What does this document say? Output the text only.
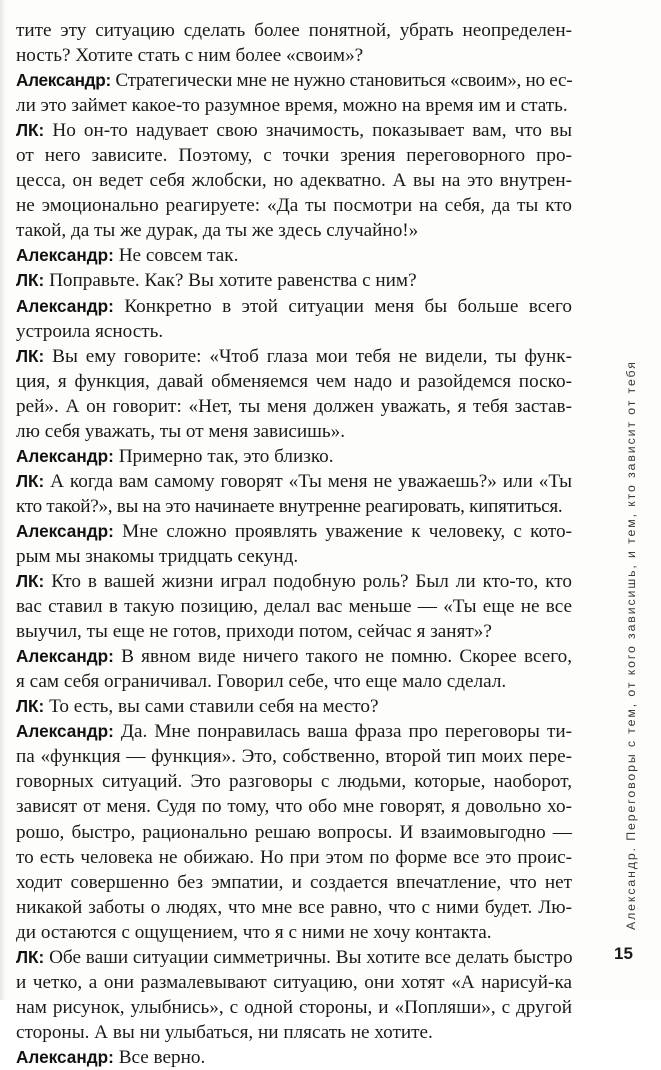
тите эту ситуацию сделать более понятной, убрать неопределен-
ность? Хотите стать с ним более «своим»?
Александр: Стратегически мне не нужно становиться «своим», но ес-
ли это займет какое-то разумное время, можно на время им и стать.
ЛК: Но он-то надувает свою значимость, показывает вам, что вы
от него зависите. Поэтому, с точки зрения переговорного про-
цесса, он ведет себя жлобски, но адекватно. А вы на это внутрен-
не эмоционально реагируете: «Да ты посмотри на себя, да ты кто
такой, да ты же дурак, да ты же здесь случайно!»
Александр: Не совсем так.
ЛК: Поправьте. Как? Вы хотите равенства с ним?
Александр: Конкретно в этой ситуации меня бы больше всего
устроила ясность.
ЛК: Вы ему говорите: «Чтоб глаза мои тебя не видели, ты функ-
ция, я функция, давай обменяемся чем надо и разойдемся поско-
рей». А он говорит: «Нет, ты меня должен уважать, я тебя застав-
лю себя уважать, ты от меня зависишь».
Александр: Примерно так, это близко.
ЛК: А когда вам самому говорят «Ты меня не уважаешь?» или «Ты
кто такой?», вы на это начинаете внутренне реагировать, кипятиться.
Александр: Мне сложно проявлять уважение к человеку, с кото-
рым мы знакомы тридцать секунд.
ЛК: Кто в вашей жизни играл подобную роль? Был ли кто-то, кто
вас ставил в такую позицию, делал вас меньше — «Ты еще не все
выучил, ты еще не готов, приходи потом, сейчас я занят»?
Александр: В явном виде ничего такого не помню. Скорее всего,
я сам себя ограничивал. Говорил себе, что еще мало сделал.
ЛК: То есть, вы сами ставили себя на место?
Александр: Да. Мне понравилась ваша фраза про переговоры ти-
па «функция — функция». Это, собственно, второй тип моих пере-
говорных ситуаций. Это разговоры с людьми, которые, наоборот,
зависят от меня. Судя по тому, что обо мне говорят, я довольно хо-
рошо, быстро, рационально решаю вопросы. И взаимовыгодно —
то есть человека не обижаю. Но при этом по форме все это проис-
ходит совершенно без эмпатии, и создается впечатление, что нет
никакой заботы о людях, что мне все равно, что с ними будет. Лю-
ди остаются с ощущением, что я с ними не хочу контакта.
ЛК: Обе ваши ситуации симметричны. Вы хотите все делать быстро
и четко, а они размалевывают ситуацию, они хотят «А нарисуй-ка
нам рисунок, улыбнись», с одной стороны, и «Попляши», с другой
стороны. А вы ни улыбаться, ни плясать не хотите.
Александр: Все верно.
Александр. Переговоры с тем, от кого зависишь, и тем, кто зависит от тебя
15
